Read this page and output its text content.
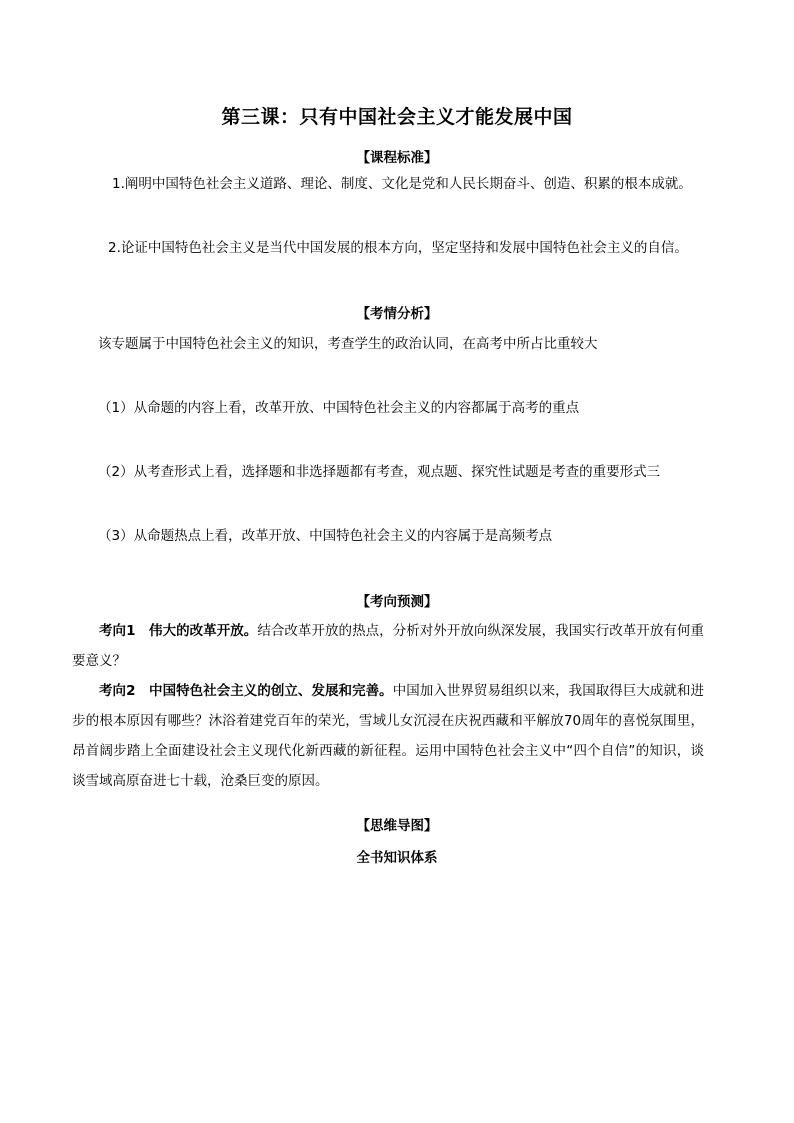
第三课：只有中国社会主义才能发展中国
【课程标准】
1.阐明中国特色社会主义道路、理论、制度、文化是党和人民长期奋斗、创造、积累的根本成就。
2.论证中国特色社会主义是当代中国发展的根本方向，坚定坚持和发展中国特色社会主义的自信。
【考情分析】
该专题属于中国特色社会主义的知识，考查学生的政治认同，在高考中所占比重较大
（1）从命题的内容上看，改革开放、中国特色社会主义的内容都属于高考的重点
（2）从考查形式上看，选择题和非选择题都有考查，观点题、探究性试题是考查的重要形式三
（3）从命题热点上看，改革开放、中国特色社会主义的内容属于是高频考点
【考向预测】
考向1　伟大的改革开放。结合改革开放的热点，分析对外开放向纵深发展，我国实行改革开放有何重要意义？
考向2　中国特色社会主义的创立、发展和完善。中国加入世界贸易组织以来，我国取得巨大成就和进步的根本原因有哪些？沐浴着建党百年的荣光，雪域儿女沉浸在庆祝西藏和平解放70周年的喜悦氛围里，昂首阔步踏上全面建设社会主义现代化新西藏的新征程。运用中国特色社会主义中“四个自信”的知识，谈谈雪域高原奋进七十载，沧桑巨变的原因。
【思维导图】
全书知识体系
